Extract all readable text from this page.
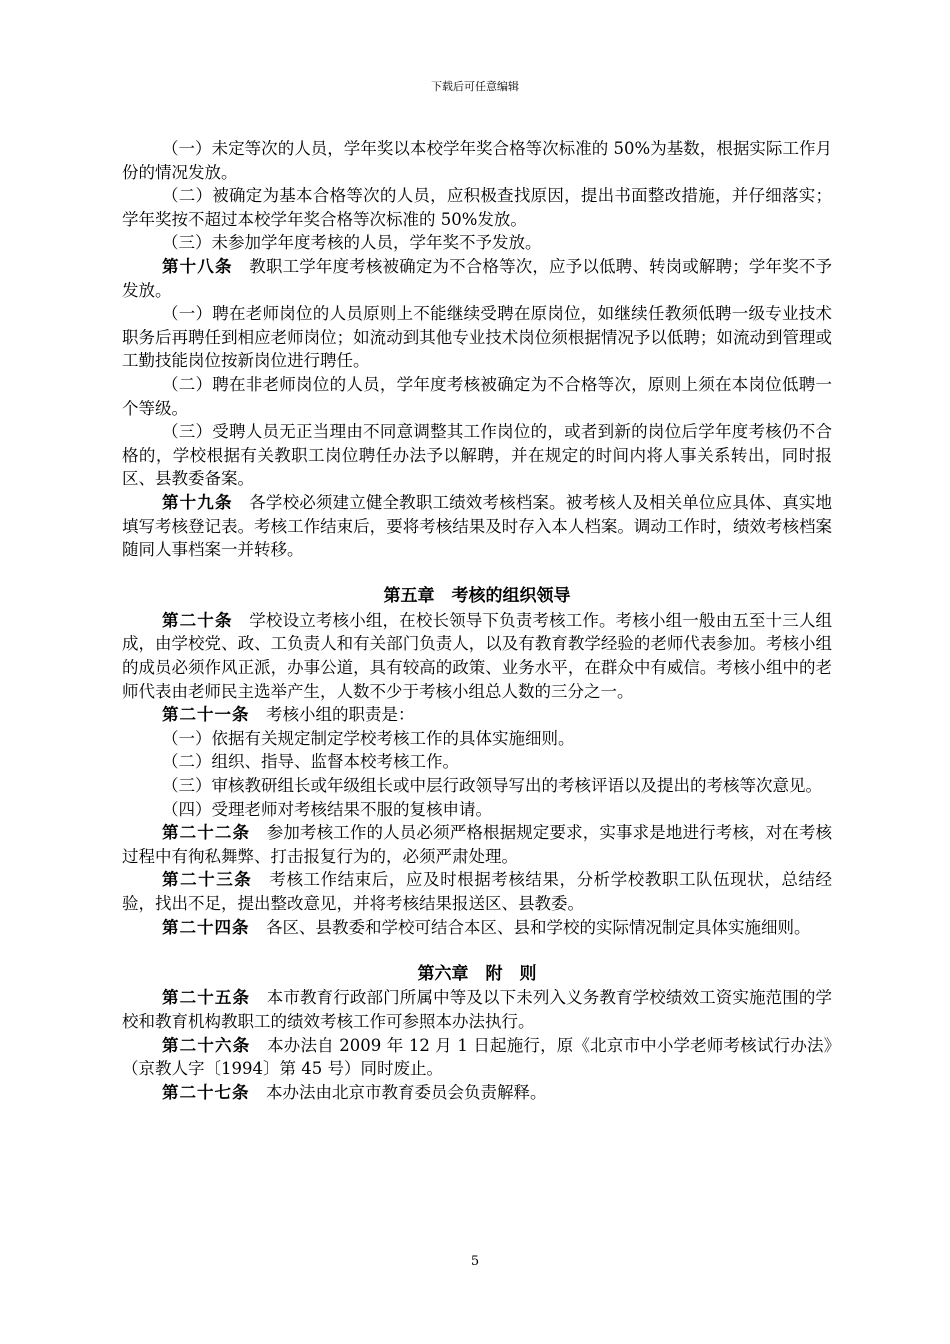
下载后可任意编辑

（一）未定等次的人员，学年奖以本校学年奖合格等次标准的 50%为基数，根据实际工作月份的情况发放。

（二）被确定为基本合格等次的人员，应积极查找原因，提出书面整改措施，并仔细落实；学年奖按不超过本校学年奖合格等次标准的 50%发放。

（三）未参加学年度考核的人员，学年奖不予发放。

第十八条　教职工学年度考核被确定为不合格等次，应予以低聘、转岗或解聘；学年奖不予发放。

（一）聘在老师岗位的人员原则上不能继续受聘在原岗位，如继续任教须低聘一级专业技术职务后再聘任到相应老师岗位；如流动到其他专业技术岗位须根据情况予以低聘；如流动到管理或工勤技能岗位按新岗位进行聘任。

（二）聘在非老师岗位的人员，学年度考核被确定为不合格等次，原则上须在本岗位低聘一个等级。

（三）受聘人员无正当理由不同意调整其工作岗位的，或者到新的岗位后学年度考核仍不合格的，学校根据有关教职工岗位聘任办法予以解聘，并在规定的时间内将人事关系转出，同时报区、县教委备案。

第十九条　各学校必须建立健全教职工绩效考核档案。被考核人及相关单位应具体、真实地填写考核登记表。考核工作结束后，要将考核结果及时存入本人档案。调动工作时，绩效考核档案随同人事档案一并转移。

第五章　考核的组织领导

第二十条　学校设立考核小组，在校长领导下负责考核工作。考核小组一般由五至十三人组成，由学校党、政、工负责人和有关部门负责人，以及有教育教学经验的老师代表参加。考核小组的成员必须作风正派，办事公道，具有较高的政策、业务水平，在群众中有威信。考核小组中的老师代表由老师民主选举产生，人数不少于考核小组总人数的三分之一。

第二十一条　考核小组的职责是：

（一）依据有关规定制定学校考核工作的具体实施细则。

（二）组织、指导、监督本校考核工作。

（三）审核教研组长或年级组长或中层行政领导写出的考核评语以及提出的考核等次意见。

（四）受理老师对考核结果不服的复核申请。

第二十二条　参加考核工作的人员必须严格根据规定要求，实事求是地进行考核，对在考核过程中有徇私舞弊、打击报复行为的，必须严肃处理。

第二十三条　考核工作结束后，应及时根据考核结果，分析学校教职工队伍现状，总结经验，找出不足，提出整改意见，并将考核结果报送区、县教委。

第二十四条　各区、县教委和学校可结合本区、县和学校的实际情况制定具体实施细则。

第六章　附　则

第二十五条　本市教育行政部门所属中等及以下未列入义务教育学校绩效工资实施范围的学校和教育机构教职工的绩效考核工作可参照本办法执行。

第二十六条　本办法自 2009 年 12 月 1 日起施行，原《北京市中小学老师考核试行办法》（京教人字〔1994〕第 45 号）同时废止。

第二十七条　本办法由北京市教育委员会负责解释。

5
